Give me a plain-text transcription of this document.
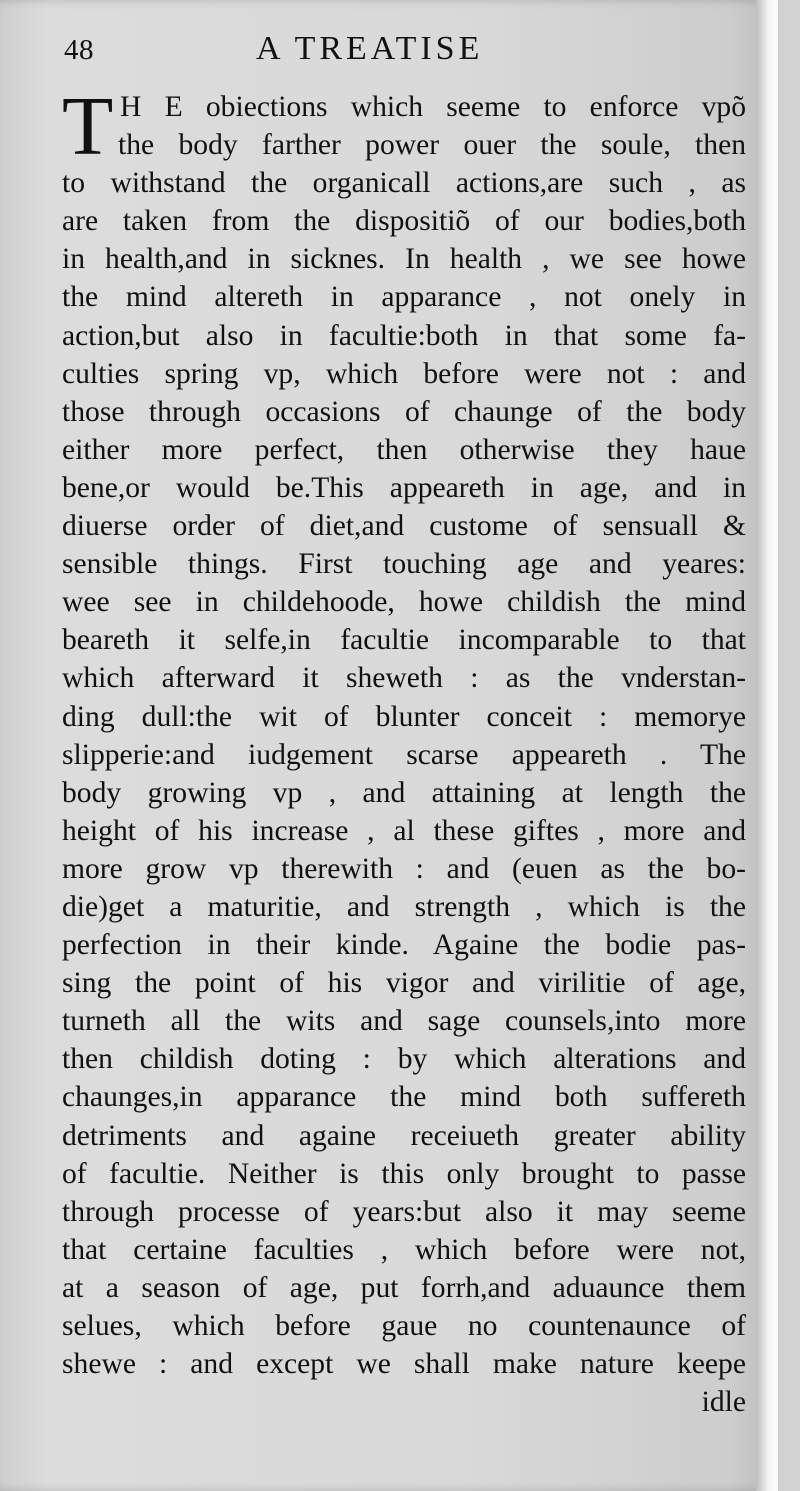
48	A TREATISE
T H E obiections which seeme to enforce vpõ
the body farther power ouer the soule, then
to withstand the organicall actions,are such , as
are taken from the dispositiõ of our bodies,both
in health,and in sicknes. In health , we see howe
the mind altereth in apparance , not onely in
action,but also in facultie:both in that some fa-
culties spring vp, which before were not : and
those through occasions of chaunge of the body
either more perfect, then otherwise they haue
bene,or would be.This appeareth in age, and in
diuerse order of diet,and custome of sensuall &
sensible things. First touching age and yeares:
wee see in childehoode, howe childish the mind
beareth it selfe,in facultie incomparable to that
which afterward it sheweth : as the vnderstan-
ding dull:the wit of blunter conceit : memorye
slipperie:and iudgement scarse appeareth . The
body growing vp , and attaining at length the
height of his increase , al these giftes , more and
more grow vp therewith : and (euen as the bo-
die)get a maturitie, and strength , which is the
perfection in their kinde. Againe the bodie pas-
sing the point of his vigor and virilitie of age,
turneth all the wits and sage counsels,into more
then childish doting : by which alterations and
chaunges,in apparance the mind both suffereth
detriments and againe receiueth greater ability
of facultie. Neither is this only brought to passe
through processe of years:but also it may seeme
that certaine faculties , which before were not,
at a season of age, put forrh,and aduaunce them
selues, which before gaue no countenaunce of
shewe : and except we shall make nature keepe
idle
